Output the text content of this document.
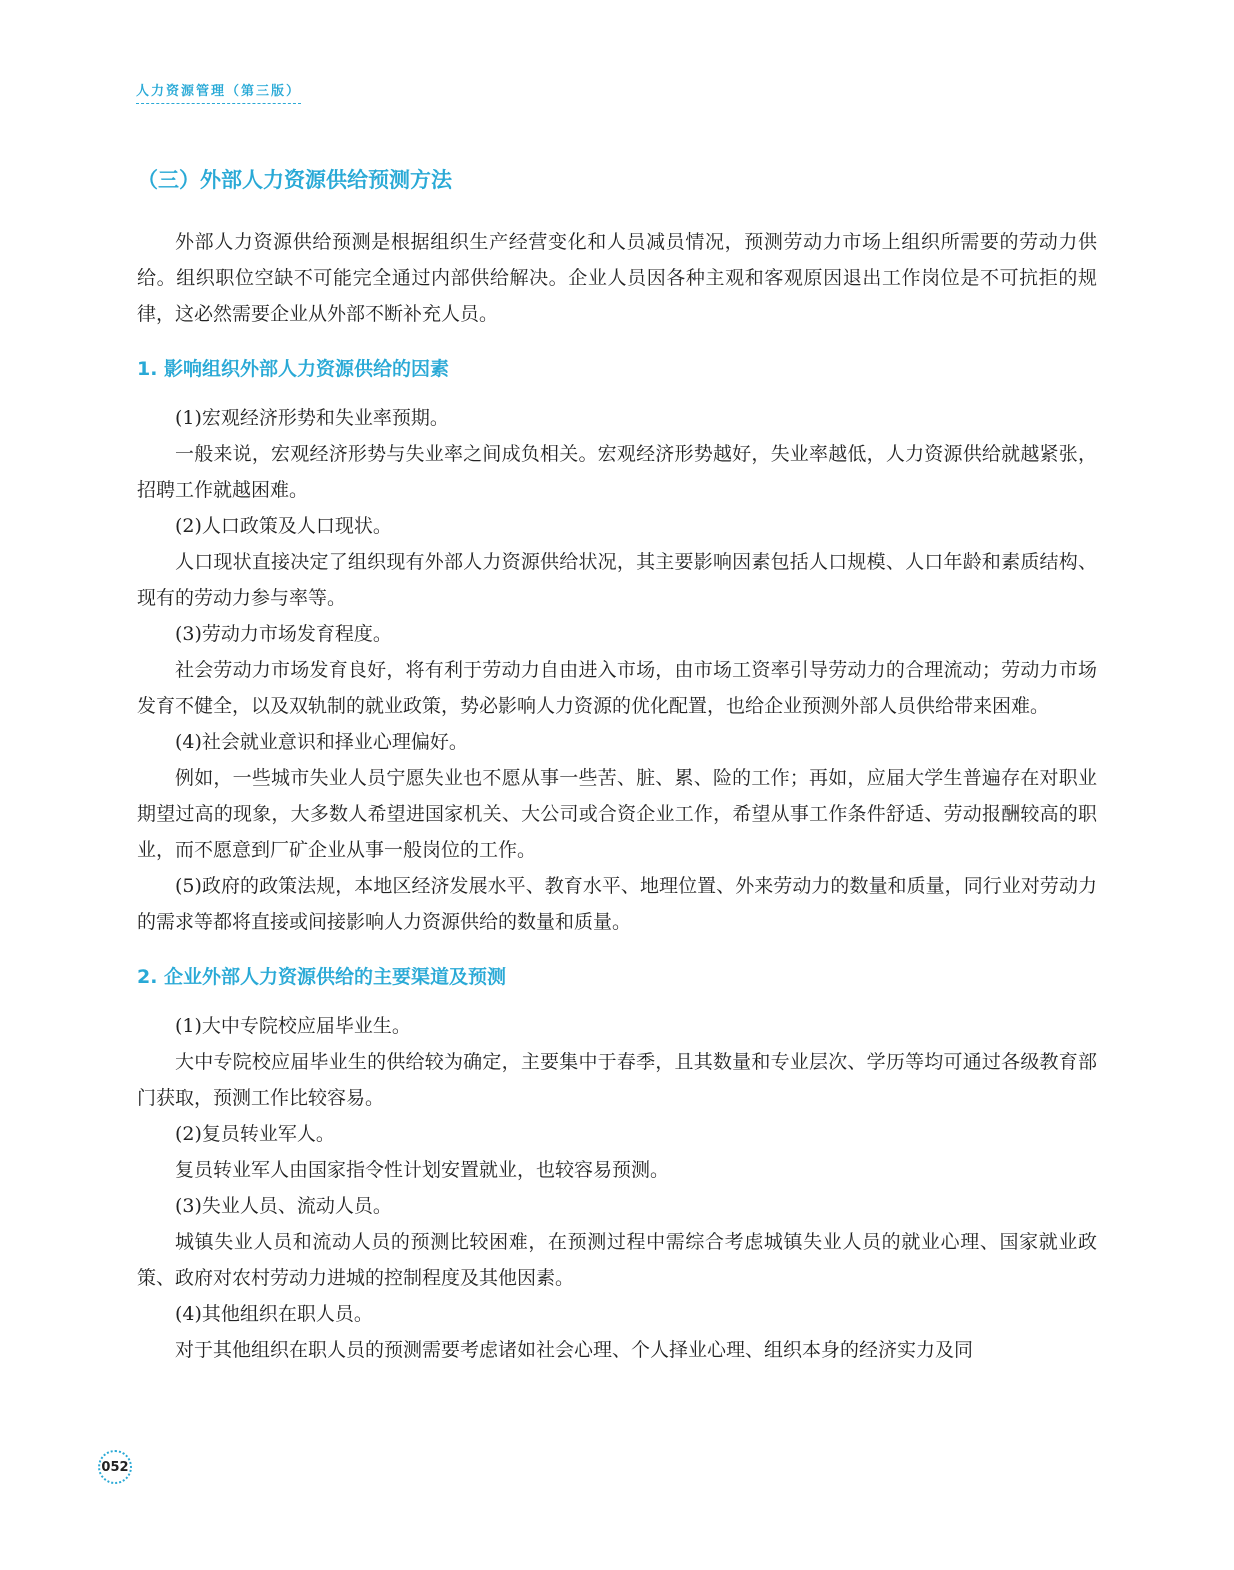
人力资源管理（第三版）
（三）外部人力资源供给预测方法

外部人力资源供给预测是根据组织生产经营变化和人员减员情况，预测劳动力市场上组织所需要的劳动力供给。组织职位空缺不可能完全通过内部供给解决。企业人员因各种主观和客观原因退出工作岗位是不可抗拒的规律，这必然需要企业从外部不断补充人员。

1. 影响组织外部人力资源供给的因素

(1)宏观经济形势和失业率预期。

一般来说，宏观经济形势与失业率之间成负相关。宏观经济形势越好，失业率越低，人力资源供给就越紧张，招聘工作就越困难。

(2)人口政策及人口现状。

人口现状直接决定了组织现有外部人力资源供给状况，其主要影响因素包括人口规模、人口年龄和素质结构、现有的劳动力参与率等。

(3)劳动力市场发育程度。

社会劳动力市场发育良好，将有利于劳动力自由进入市场，由市场工资率引导劳动力的合理流动；劳动力市场发育不健全，以及双轨制的就业政策，势必影响人力资源的优化配置，也给企业预测外部人员供给带来困难。

(4)社会就业意识和择业心理偏好。

例如，一些城市失业人员宁愿失业也不愿从事一些苦、脏、累、险的工作；再如，应届大学生普遍存在对职业期望过高的现象，大多数人希望进国家机关、大公司或合资企业工作，希望从事工作条件舒适、劳动报酬较高的职业，而不愿意到厂矿企业从事一般岗位的工作。

(5)政府的政策法规，本地区经济发展水平、教育水平、地理位置、外来劳动力的数量和质量，同行业对劳动力的需求等都将直接或间接影响人力资源供给的数量和质量。

2. 企业外部人力资源供给的主要渠道及预测

(1)大中专院校应届毕业生。

大中专院校应届毕业生的供给较为确定，主要集中于春季，且其数量和专业层次、学历等均可通过各级教育部门获取，预测工作比较容易。

(2)复员转业军人。

复员转业军人由国家指令性计划安置就业，也较容易预测。

(3)失业人员、流动人员。

城镇失业人员和流动人员的预测比较困难，在预测过程中需综合考虑城镇失业人员的就业心理、国家就业政策、政府对农村劳动力进城的控制程度及其他因素。

(4)其他组织在职人员。

对于其他组织在职人员的预测需要考虑诸如社会心理、个人择业心理、组织本身的经济实力及同

052
